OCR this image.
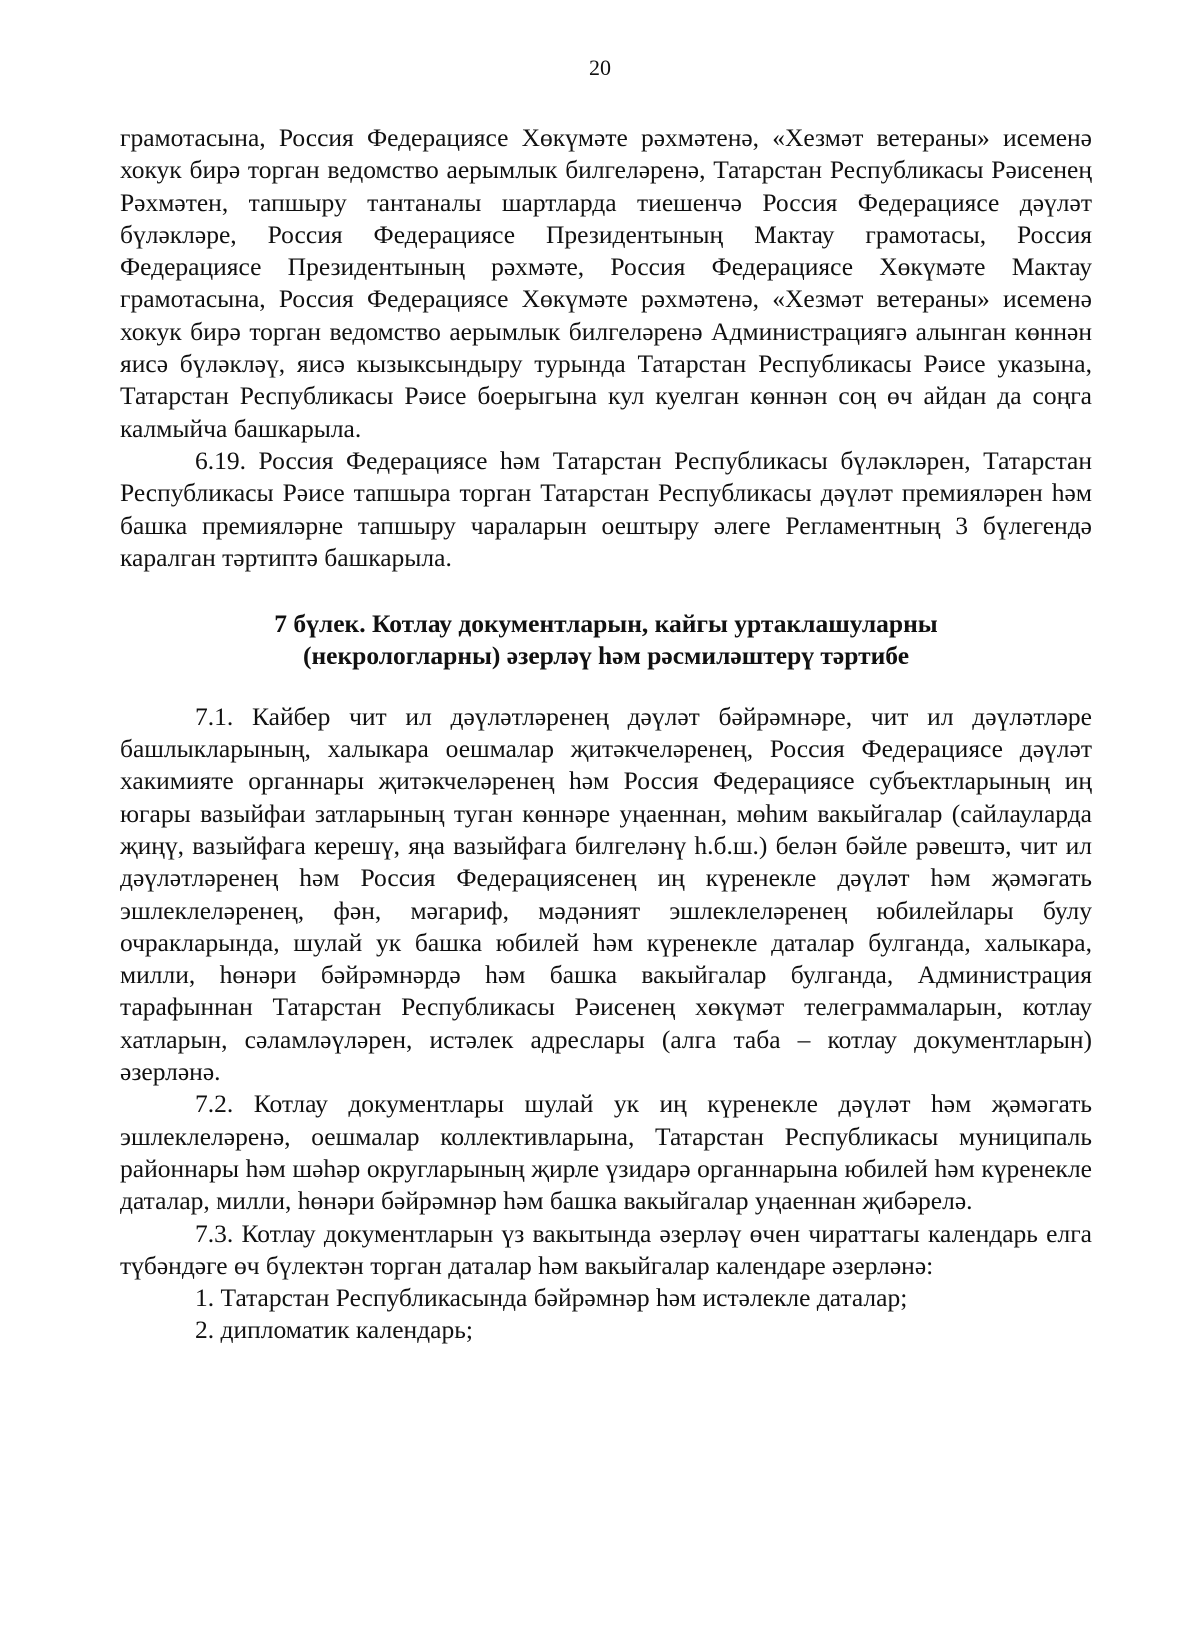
20

грамотасына, Россия Федерациясе Хөкүмәте рәхмәтенә, «Хезмәт ветераны» исеменә хокук бирә торган ведомство аерымлык билгеләренә, Татарстан Республикасы Рәисенең Рәхмәтен, тапшыру тантаналы шартларда тиешенчә Россия Федерациясе дәүләт бүләкләре, Россия Федерациясе Президентының Мактау грамотасы, Россия Федерациясе Президентының рәхмәте, Россия Федерациясе Хөкүмәте Мактау грамотасына, Россия Федерациясе Хөкүмәте рәхмәтенә, «Хезмәт ветераны» исеменә хокук бирә торган ведомство аерымлык билгеләренә Администрациягә алынган көннән яисә бүләкләү, яисә кызыксындыру турында Татарстан Республикасы Рәисе указына, Татарстан Республикасы Рәисе боерыгына кул куелган көннән соң өч айдан да соңга калмыйча башкарыла.

6.19. Россия Федерациясе һәм Татарстан Республикасы бүләкләрен, Татарстан Республикасы Рәисе тапшыра торган Татарстан Республикасы дәүләт премияләрен һәм башка премияләрне тапшыру чараларын оештыру әлеге Регламентның 3 бүлегендә каралган тәртиптә башкарыла.

7 бүлек. Котлау документларын, кайгы уртаклашуларны
(некрологларны) әзерләү һәм рәсмиләштерү тәртибе

7.1. Кайбер чит ил дәүләтләренең дәүләт бәйрәмнәре, чит ил дәүләтләре башлыкларының, халыкара оешмалар җитәкчеләренең, Россия Федерациясе дәүләт хакимияте органнары җитәкчеләренең һәм Россия Федерациясе субъектларының иң югары вазыйфаи затларының туган көннәре уңаеннан, мөһим вакыйгалар (сайлауларда җиңү, вазыйфага керешү, яңа вазыйфага билгеләнү һ.б.ш.) белән бәйле рәвештә, чит ил дәүләтләренең һәм Россия Федерациясенең иң күренекле дәүләт һәм җәмәгать эшлеклеләренең, фән, мәгариф, мәдәният эшлеклеләренең юбилейлары булу очракларында, шулай ук башка юбилей һәм күренекле даталар булганда, халыкара, милли, һөнәри бәйрәмнәрдә һәм башка вакыйгалар булганда, Администрация тарафыннан Татарстан Республикасы Рәисенең хөкүмәт телеграммаларын, котлау хатларын, сәламләүләрен, истәлек адреслары (алга таба – котлау документларын) әзерләнә.

7.2. Котлау документлары шулай ук иң күренекле дәүләт һәм җәмәгать эшлеклеләренә, оешмалар коллективларына, Татарстан Республикасы муниципаль районнары һәм шәһәр округларының җирле үзидарә органнарына юбилей һәм күренекле даталар, милли, һөнәри бәйрәмнәр һәм башка вакыйгалар уңаеннан җибәрелә.

7.3. Котлау документларын үз вакытында әзерләү өчен чираттагы календарь елга түбәндәге өч бүлектән торган даталар һәм вакыйгалар календаре әзерләнә:

1. Татарстан Республикасында бәйрәмнәр һәм истәлекле даталар;

2. дипломатик календарь;
